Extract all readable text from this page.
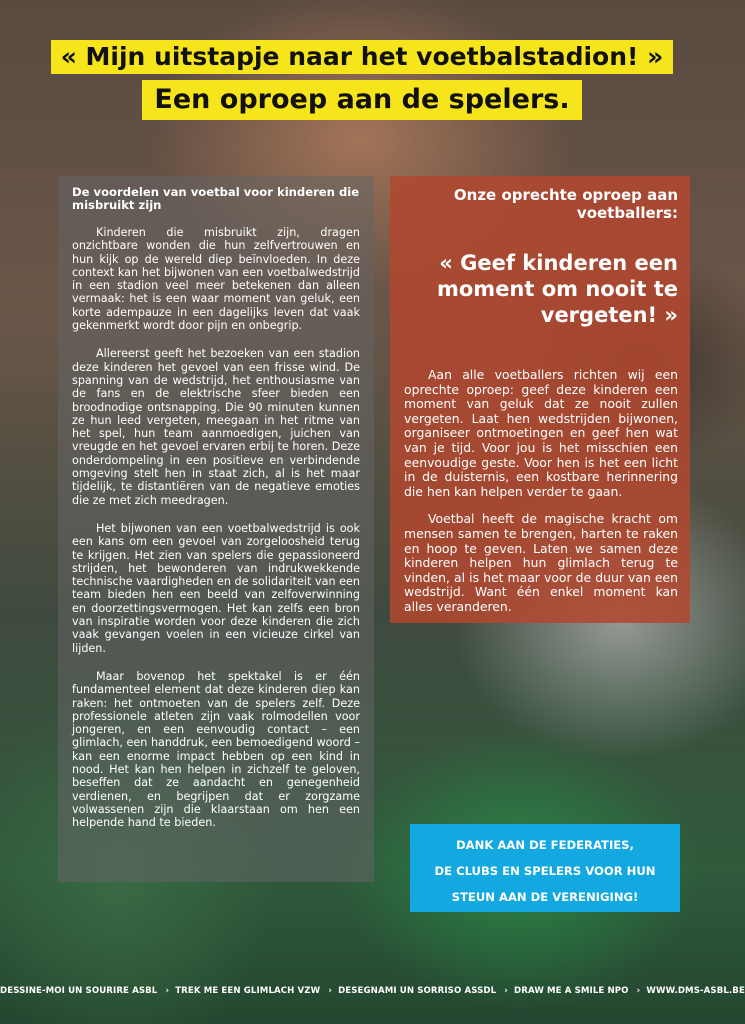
« Mijn uitstapje naar het voetbalstadion! »
Een oproep aan de spelers.
De voordelen van voetbal voor kinderen die misbruikt zijn

Kinderen die misbruikt zijn, dragen onzichtbare wonden die hun zelfvertrouwen en hun kijk op de wereld diep beïnvloeden. In deze context kan het bijwonen van een voetbalwedstrijd in een stadion veel meer betekenen dan alleen vermaak: het is een waar moment van geluk, een korte adempauze in een dagelijks leven dat vaak gekenmerkt wordt door pijn en onbegrip.

Allereerst geeft het bezoeken van een stadion deze kinderen het gevoel van een frisse wind. De spanning van de wedstrijd, het enthousiasme van de fans en de elektrische sfeer bieden een broodnodige ontsnapping. Die 90 minuten kunnen ze hun leed vergeten, meegaan in het ritme van het spel, hun team aanmoedigen, juichen van vreugde en het gevoel ervaren erbij te horen. Deze onderdompeling in een positieve en verbindende omgeving stelt hen in staat zich, al is het maar tijdelijk, te distantiëren van de negatieve emoties die ze met zich meedragen.

Het bijwonen van een voetbalwedstrijd is ook een kans om een gevoel van zorgeloosheid terug te krijgen. Het zien van spelers die gepassioneerd strijden, het bewonderen van indrukwekkende technische vaardigheden en de solidariteit van een team bieden hen een beeld van zelfoverwinning en doorzettingsvermogen. Het kan zelfs een bron van inspiratie worden voor deze kinderen die zich vaak gevangen voelen in een vicieuze cirkel van lijden.

Maar bovenop het spektakel is er één fundamenteel element dat deze kinderen diep kan raken: het ontmoeten van de spelers zelf. Deze professionele atleten zijn vaak rolmodellen voor jongeren, en een eenvoudig contact – een glimlach, een handdruk, een bemoedigend woord – kan een enorme impact hebben op een kind in nood. Het kan hen helpen in zichzelf te geloven, beseffen dat ze aandacht en genegenheid verdienen, en begrijpen dat er zorgzame volwassenen zijn die klaarstaan om hen een helpende hand te bieden.

Onze oprechte oproep aan voetballers:

« Geef kinderen een moment om nooit te vergeten! »

Aan alle voetballers richten wij een oprechte oproep: geef deze kinderen een moment van geluk dat ze nooit zullen vergeten. Laat hen wedstrijden bijwonen, organiseer ontmoetingen en geef hen wat van je tijd. Voor jou is het misschien een eenvoudige geste. Voor hen is het een licht in de duisternis, een kostbare herinnering die hen kan helpen verder te gaan.

Voetbal heeft de magische kracht om mensen samen te brengen, harten te raken en hoop te geven. Laten we samen deze kinderen helpen hun glimlach terug te vinden, al is het maar voor de duur van een wedstrijd. Want één enkel moment kan alles veranderen.

DANK AAN DE FEDERATIES,
DE CLUBS EN SPELERS VOOR HUN
STEUN AAN DE VERENIGING!
DESSINE-MOI UN SOURIRE ASBL › TREK ME EEN GLIMLACH VZW › DESEGNAMI UN SORRISO ASSDL › DRAW ME A SMILE NPO › WWW.DMS-ASBL.BE
